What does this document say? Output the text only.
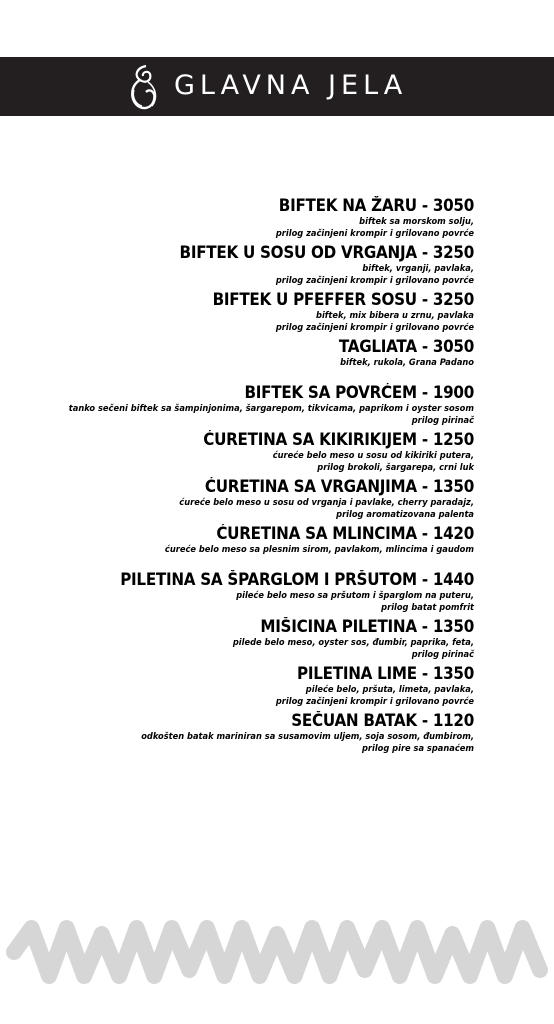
GLAVNA JELA
BIFTEK NA ŽARU - 3050
biftek sa morskom solju,
prilog začinjeni krompir i grilovano povrće
BIFTEK U SOSU OD VRGANJA - 3250
biftek, vrganji, pavlaka,
prilog začinjeni krompir i grilovano povrće
BIFTEK U PFEFFER SOSU - 3250
biftek, mix bibera u zrnu, pavlaka
prilog začinjeni krompir i grilovano povrće
TAGLIATA - 3050
biftek, rukola, Grana Padano
BIFTEK SA POVRĆEM - 1900
tanko sečeni biftek sa šampinjonima, šargarepom, tikvicama, paprikom i oyster sosom
prilog pirinač
ĆURETINA SA KIKIRIKIJEM - 1250
ćureće belo meso u sosu od kikiriki putera,
prilog brokoli, šargarepa, crni luk
ĆURETINA SA VRGANJIMA - 1350
ćureće belo meso u sosu od vrganja i pavlake, cherry paradajz,
prilog aromatizovana palenta
ĆURETINA SA MLINCIMA - 1420
ćureće belo meso sa plesnim sirom, pavlakom, mlincima i gaudom
PILETINA SA ŠPARGLOM I PRŠUTOM - 1440
pileće belo meso sa pršutom i šparglom na puteru,
prilog batat pomfrit
MIŠICINA PILETINA - 1350
piledе belo meso, oyster sos, đumbir, paprika, feta,
prilog pirinač
PILETINA LIME - 1350
pileće belo, pršuta, limeta, pavlaka,
prilog začinjeni krompir i grilovano povrće
SEČUAN BATAK - 1120
odkošten batak mariniran sa susamovim uljem, soja sosom, đumbirom,
prilog pire sa spanaćem
